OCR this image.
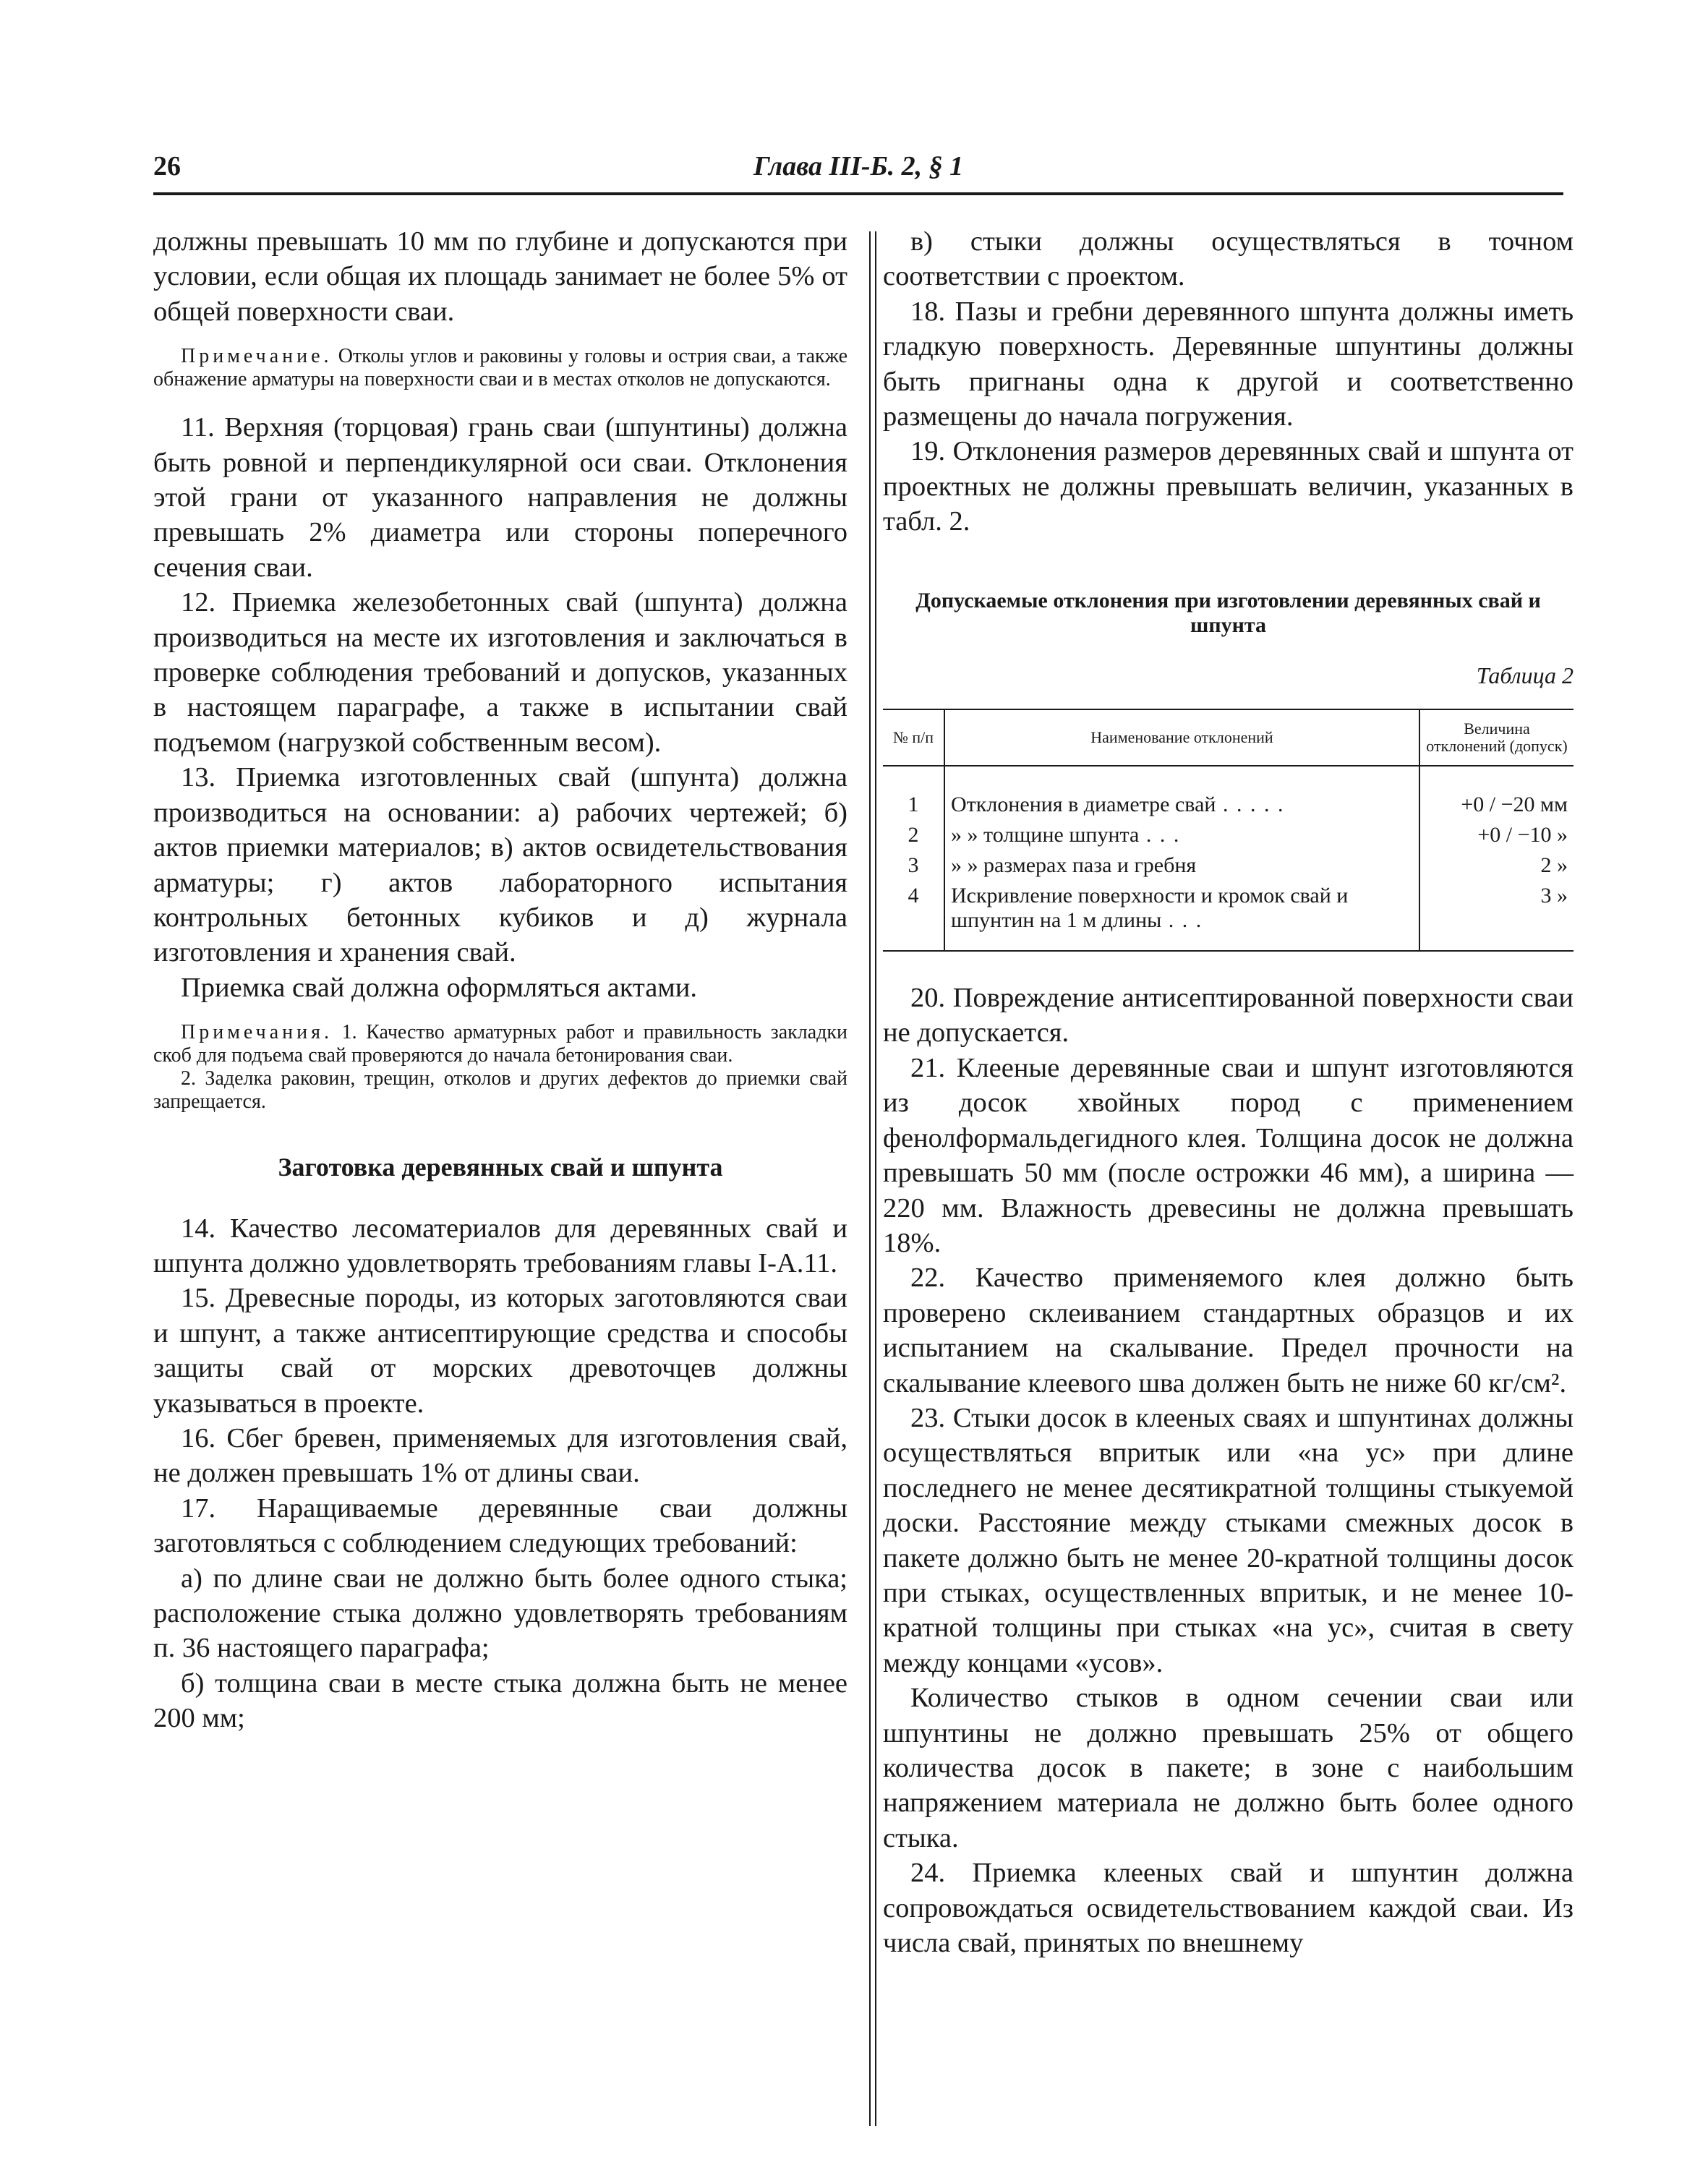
26	Глава III-Б. 2, § 1

должны превышать 10 мм по глубине и допускаются при условии, если общая их площадь занимает не более 5% от общей поверхности сваи.

Примечание. Отколы углов и раковины у головы и острия сваи, а также обнажение арматуры на поверхности сваи и в местах отколов не допускаются.

11. Верхняя (торцовая) грань сваи (шпунтины) должна быть ровной и перпендикулярной оси сваи. Отклонения этой грани от указанного направления не должны превышать 2% диаметра или стороны поперечного сечения сваи.

12. Приемка железобетонных свай (шпунта) должна производиться на месте их изготовления и заключаться в проверке соблюдения требований и допусков, указанных в настоящем параграфе, а также в испытании свай подъемом (нагрузкой собственным весом).

13. Приемка изготовленных свай (шпунта) должна производиться на основании: а) рабочих чертежей; б) актов приемки материалов; в) актов освидетельствования арматуры; г) актов лабораторного испытания контрольных бетонных кубиков и д) журнала изготовления и хранения свай.

Приемка свай должна оформляться актами.

Примечания. 1. Качество арматурных работ и правильность закладки скоб для подъема свай проверяются до начала бетонирования сваи.
2. Заделка раковин, трещин, отколов и других дефектов до приемки свай запрещается.
Заготовка деревянных свай и шпунта

14. Качество лесоматериалов для деревянных свай и шпунта должно удовлетворять требованиям главы I-А.11.

15. Древесные породы, из которых заготовляются сваи и шпунт, а также антисептирующие средства и способы защиты свай от морских древоточцев должны указываться в проекте.

16. Сбег бревен, применяемых для изготовления свай, не должен превышать 1% от длины сваи.

17. Наращиваемые деревянные сваи должны заготовляться с соблюдением следующих требований:

а) по длине сваи не должно быть более одного стыка; расположение стыка должно удовлетворять требованиям п. 36 настоящего параграфа;

б) толщина сваи в месте стыка должна быть не менее 200 мм;

в) стыки должны осуществляться в точном соответствии с проектом.

18. Пазы и гребни деревянного шпунта должны иметь гладкую поверхность. Деревянные шпунтины должны быть пригнаны одна к другой и соответственно размещены до начала погружения.

19. Отклонения размеров деревянных свай и шпунта от проектных не должны превышать величин, указанных в табл. 2.

Допускаемые отклонения при изготовлении деревянных свай и шпунта
Таблица 2
№ п/п	Наименование отклонений	Величина отклонений (допуск)
1	Отклонения в диаметре свай . . . . .	+0 / −20 мм
2	» » толщине шпунта . . .	+0 / −10 »
3	» » размерах паза и гребня	2 »
4	Искривление поверхности и кромок свай и шпунтин на 1 м длины . . .	3 »

20. Повреждение антисептированной поверхности сваи не допускается.

21. Клееные деревянные сваи и шпунт изготовляются из досок хвойных пород с применением фенолформальдегидного клея. Толщина досок не должна превышать 50 мм (после острожки 46 мм), а ширина — 220 мм. Влажность древесины не должна превышать 18%.

22. Качество применяемого клея должно быть проверено склеиванием стандартных образцов и их испытанием на скалывание. Предел прочности на скалывание клеевого шва должен быть не ниже 60 кг/см².

23. Стыки досок в клееных сваях и шпунтинах должны осуществляться впритык или «на ус» при длине последнего не менее десятикратной толщины стыкуемой доски. Расстояние между стыками смежных досок в пакете должно быть не менее 20-кратной толщины досок при стыках, осуществленных впритык, и не менее 10-кратной толщины при стыках «на ус», считая в свету между концами «усов».

Количество стыков в одном сечении сваи или шпунтины не должно превышать 25% от общего количества досок в пакете; в зоне с наибольшим напряжением материала не должно быть более одного стыка.

24. Приемка клееных свай и шпунтин должна сопровождаться освидетельствованием каждой сваи. Из числа свай, принятых по внешнему
